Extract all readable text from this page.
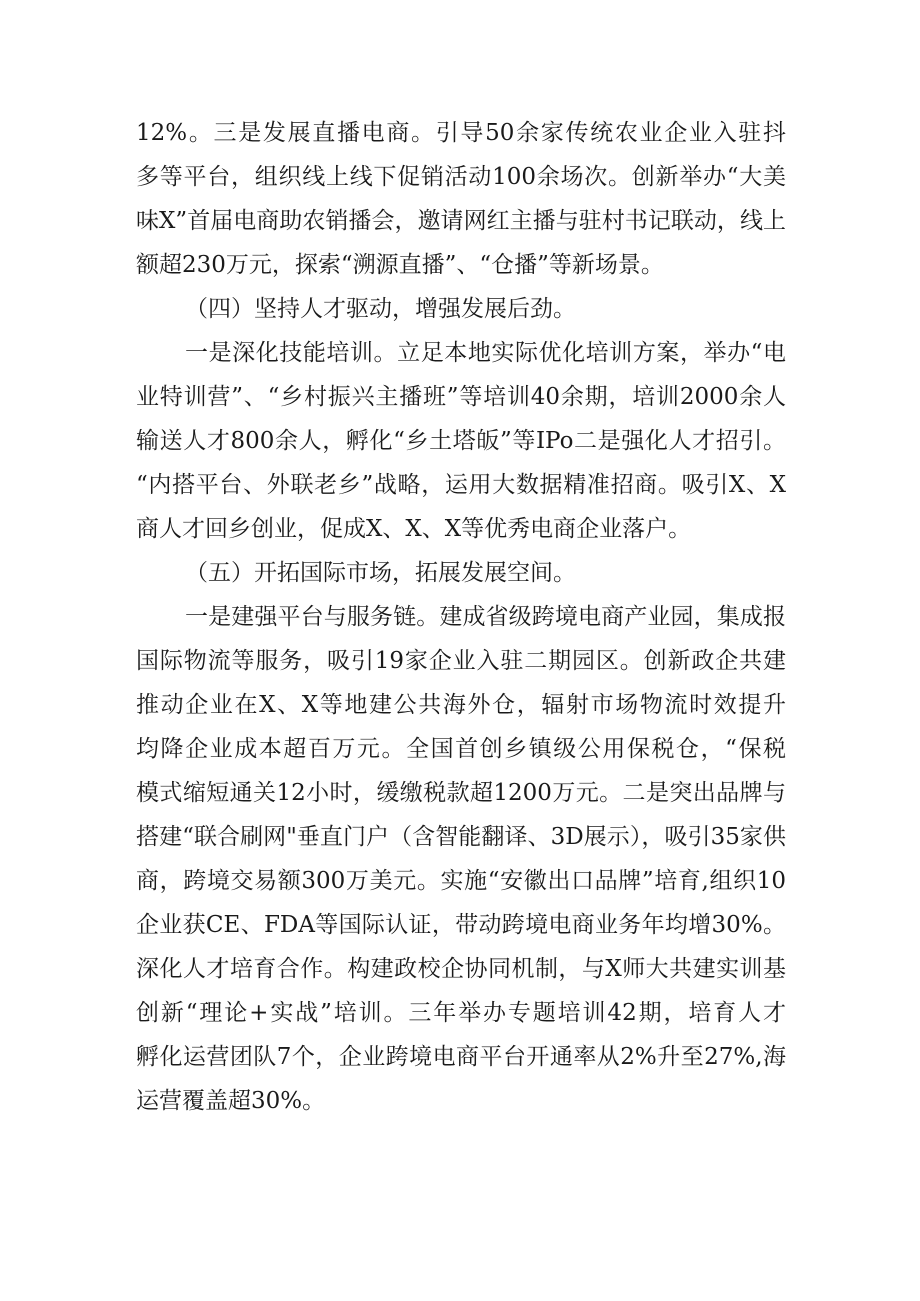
12%。三是发展直播电商。引导50余家传统农业企业入驻抖
多等平台，组织线上线下促销活动100余场次。创新举办“大美
味X”首届电商助农销播会，邀请网红主播与驻村书记联动，线上
额超230万元，探索“溯源直播”、“仓播”等新场景。
（四）坚持人才驱动，增强发展后劲。
一是深化技能培训。立足本地实际优化培训方案，举办“电
业特训营”、“乡村振兴主播班”等培训40余期，培训2000余人
输送人才800余人，孵化“乡土塔皈”等IPo二是强化人才招引。
“内搭平台、外联老乡”战略，运用大数据精准招商。吸引X、X
商人才回乡创业，促成X、X、X等优秀电商企业落户。
（五）开拓国际市场，拓展发展空间。
一是建强平台与服务链。建成省级跨境电商产业园，集成报
国际物流等服务，吸引19家企业入驻二期园区。创新政企共建
推动企业在X、X等地建公共海外仓，辐射市场物流时效提升
均降企业成本超百万元。全国首创乡镇级公用保税仓，“保税
模式缩短通关12小时，缓缴税款超1200万元。二是突出品牌与
搭建“联合刷网"垂直门户（含智能翻译、3D展示），吸引35家供
商，跨境交易额300万美元。实施“安徽出口品牌”培育,组织10
企业获CE、FDA等国际认证，带动跨境电商业务年均增30%。
深化人才培育合作。构建政校企协同机制，与X师大共建实训基
创新“理论+实战”培训。三年举办专题培训42期，培育人才
孵化运营团队7个，企业跨境电商平台开通率从2%升至27%,海
运营覆盖超30%。
